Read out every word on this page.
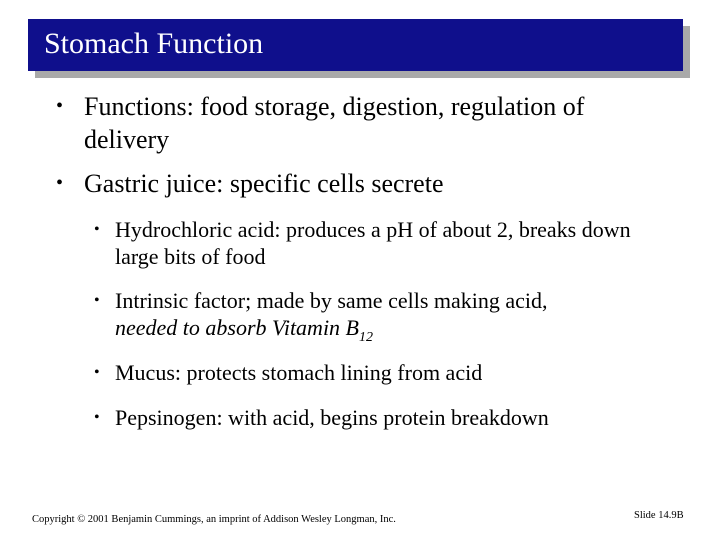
Stomach Function
• Functions: food storage, digestion, regulation of delivery
• Gastric juice: specific cells secrete
• Hydrochloric acid: produces a pH of about 2, breaks down large bits of food
• Intrinsic factor; made by same cells making acid,
needed to absorb Vitamin $B_{12}$
• Mucus: protects stomach lining from acid
• Pepsinogen: with acid, begins protein breakdown
Copyright © 2001 Benjamin Cummings, an imprint of Addison Wesley Longman, Inc.	Slide 14.9B
